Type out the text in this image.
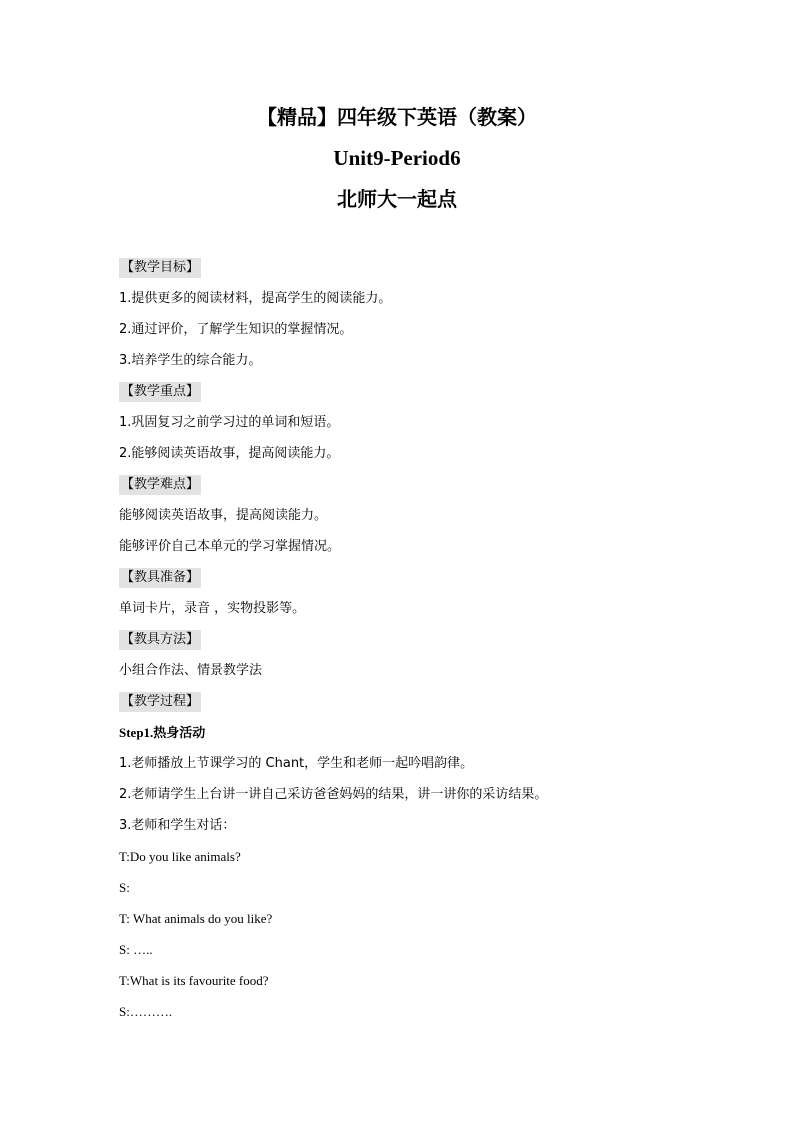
【精品】四年级下英语（教案）
Unit9-Period6
北师大一起点
【教学目标】
1.提供更多的阅读材料，提高学生的阅读能力。
2.通过评价，了解学生知识的掌握情况。
3.培养学生的综合能力。
【教学重点】
1.巩固复习之前学习过的单词和短语。
2.能够阅读英语故事，提高阅读能力。
【教学难点】
能够阅读英语故事，提高阅读能力。
能够评价自己本单元的学习掌握情况。
【教具准备】
单词卡片，录音 ，实物投影等。
【教具方法】
小组合作法、情景教学法
【教学过程】
Step1.热身活动
1.老师播放上节课学习的 Chant，学生和老师一起吟唱韵律。
2.老师请学生上台讲一讲自己采访爸爸妈妈的结果，讲一讲你的采访结果。
3.老师和学生对话：
T:Do you like animals?
S:
T: What animals do you like?
S: …..
T:What is its favourite food?
S:……….
